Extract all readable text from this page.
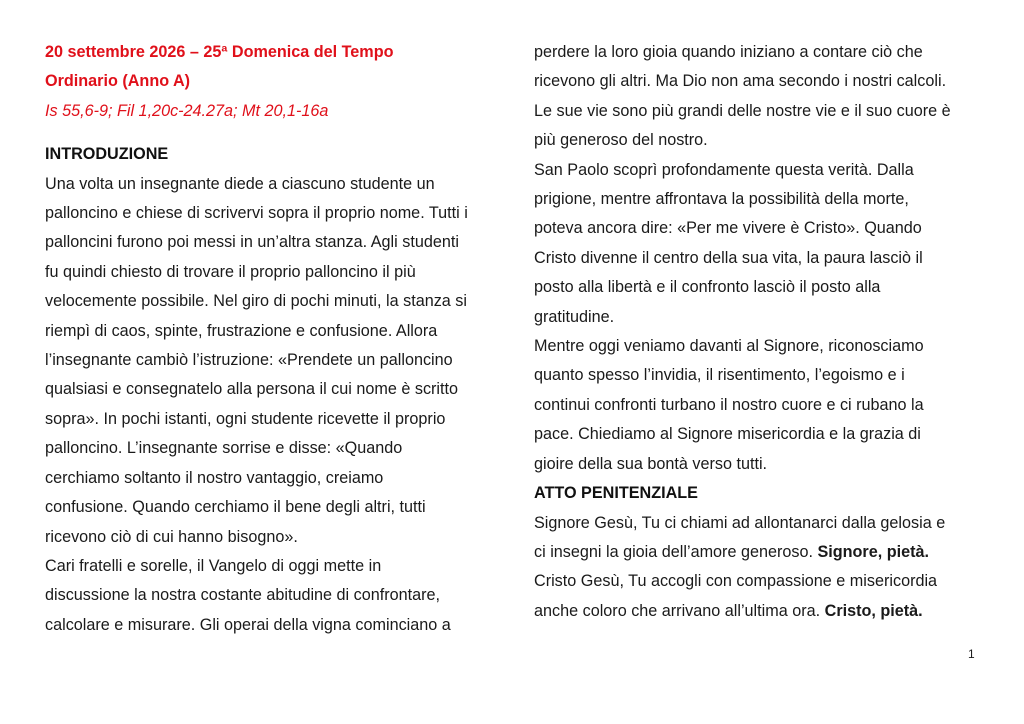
20 settembre 2026 – 25ª Domenica del Tempo

Ordinario (Anno A)

Is 55,6-9; Fil 1,20c-24.27a; Mt 20,1-16a

INTRODUZIONE

Una volta un insegnante diede a ciascuno studente un

palloncino e chiese di scrivervi sopra il proprio nome. Tutti i

palloncini furono poi messi in un’altra stanza. Agli studenti

fu quindi chiesto di trovare il proprio palloncino il più

velocemente possibile. Nel giro di pochi minuti, la stanza si

riempì di caos, spinte, frustrazione e confusione. Allora

l’insegnante cambiò l’istruzione: «Prendete un palloncino

qualsiasi e consegnatelo alla persona il cui nome è scritto

sopra». In pochi istanti, ogni studente ricevette il proprio

palloncino. L’insegnante sorrise e disse: «Quando

cerchiamo soltanto il nostro vantaggio, creiamo

confusione. Quando cerchiamo il bene degli altri, tutti

ricevono ciò di cui hanno bisogno».

Cari fratelli e sorelle, il Vangelo di oggi mette in

discussione la nostra costante abitudine di confrontare,

calcolare e misurare. Gli operai della vigna cominciano a

perdere la loro gioia quando iniziano a contare ciò che

ricevono gli altri. Ma Dio non ama secondo i nostri calcoli.

Le sue vie sono più grandi delle nostre vie e il suo cuore è

più generoso del nostro.

San Paolo scoprì profondamente questa verità. Dalla

prigione, mentre affrontava la possibilità della morte,

poteva ancora dire: «Per me vivere è Cristo». Quando

Cristo divenne il centro della sua vita, la paura lasciò il

posto alla libertà e il confronto lasciò il posto alla

gratitudine.

Mentre oggi veniamo davanti al Signore, riconosciamo

quanto spesso l’invidia, il risentimento, l’egoismo e i

continui confronti turbano il nostro cuore e ci rubano la

pace. Chiediamo al Signore misericordia e la grazia di

gioire della sua bontà verso tutti.

ATTO PENITENZIALE

Signore Gesù, Tu ci chiami ad allontanarci dalla gelosia e

ci insegni la gioia dell’amore generoso. Signore, pietà.

Cristo Gesù, Tu accogli con compassione e misericordia

anche coloro che arrivano all’ultima ora. Cristo, pietà.

1
